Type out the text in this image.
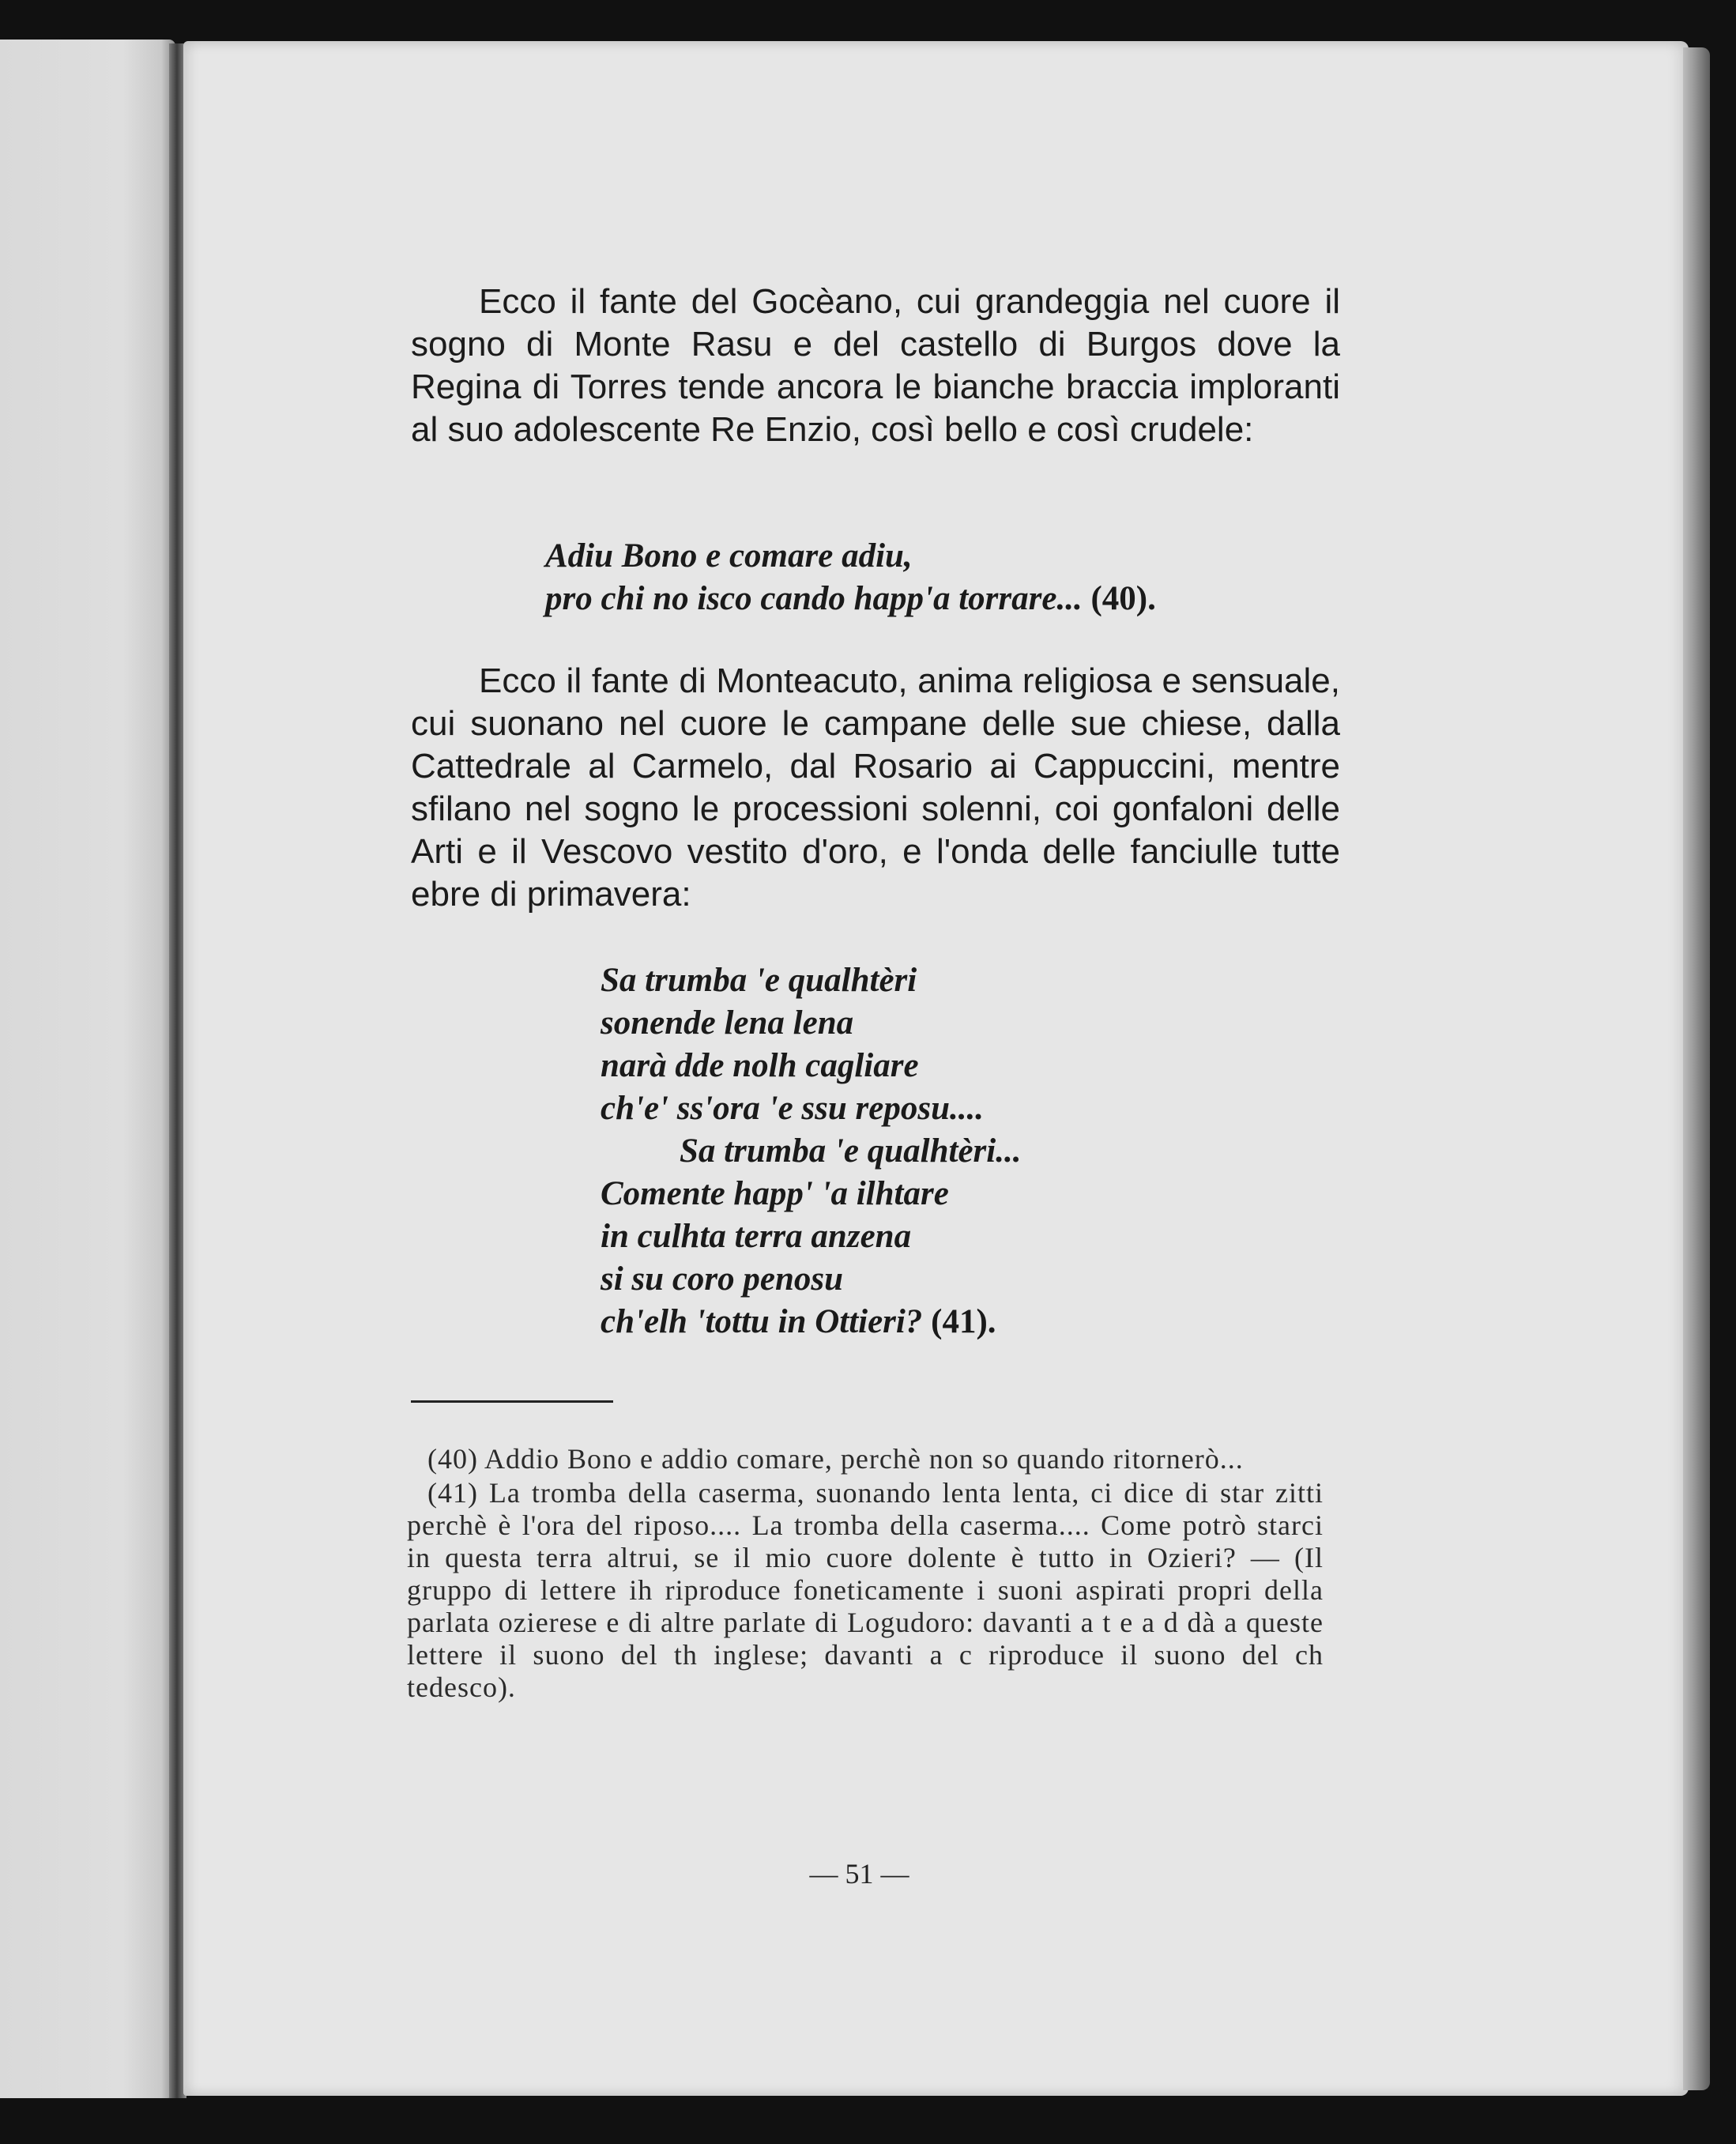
Ecco il fante del Gocèano, cui grandeggia nel cuore il sogno di Monte Rasu e del castello di Burgos dove la Regina di Torres tende ancora le bianche braccia imploranti al suo adolescente Re Enzio, così bello e così crudele:

Adiu Bono e comare adiu,
pro chi no isco cando happ'a torrare... (40).

Ecco il fante di Monteacuto, anima religiosa e sensuale, cui suonano nel cuore le campane delle sue chiese, dalla Cattedrale al Carmelo, dal Rosario ai Cappuccini, mentre sfilano nel sogno le processioni solenni, coi gonfaloni delle Arti e il Vescovo vestito d'oro, e l'onda delle fanciulle tutte ebre di primavera:

Sa trumba 'e qualhtèri
sonende lena lena
narà dde nolh cagliare
ch'e' ss'ora 'e ssu reposu....
Sa trumba 'e qualhtèri...
Comente happ' 'a ilhtare
in culhta terra anzena
si su coro penosu
ch'elh 'tottu in Ottieri? (41).

(40) Addio Bono e addio comare, perchè non so quando ritornerò...

(41) La tromba della caserma, suonando lenta lenta, ci dice di star zitti perchè è l'ora del riposo.... La tromba della caserma.... Come potrò starci in questa terra altrui, se il mio cuore dolente è tutto in Ozieri? — (Il gruppo di lettere ih riproduce foneticamente i suoni aspirati propri della parlata ozierese e di altre parlate di Logudoro: davanti a t e a d dà a queste lettere il suono del th inglese; davanti a c riproduce il suono del ch tedesco).

— 51 —
